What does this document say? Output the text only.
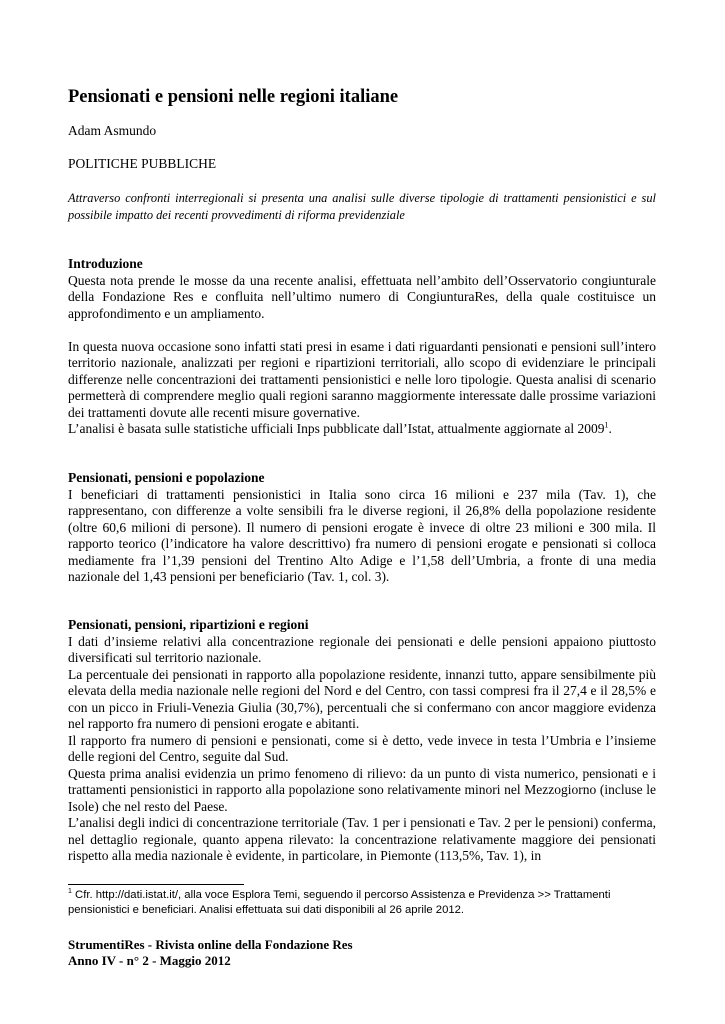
Pensionati e pensioni nelle regioni italiane
Adam Asmundo
POLITICHE PUBBLICHE
Attraverso confronti interregionali si presenta una analisi sulle diverse tipologie di trattamenti pensionistici e sul possibile impatto dei recenti provvedimenti di riforma previdenziale
Introduzione

Questa nota prende le mosse da una recente analisi, effettuata nell’ambito dell’Osservatorio congiunturale della Fondazione Res e confluita nell’ultimo numero di CongiunturaRes, della quale costituisce un approfondimento e un ampliamento.

In questa nuova occasione sono infatti stati presi in esame i dati riguardanti pensionati e pensioni sull’intero territorio nazionale, analizzati per regioni e ripartizioni territoriali, allo scopo di evidenziare le principali differenze nelle concentrazioni dei trattamenti pensionistici e nelle loro tipologie. Questa analisi di scenario permetterà di comprendere meglio quali regioni saranno maggiormente interessate dalle prossime variazioni dei trattamenti dovute alle recenti misure governative.

L’analisi è basata sulle statistiche ufficiali Inps pubblicate dall’Istat, attualmente aggiornate al 2009$^1$.

Pensionati, pensioni e popolazione

I beneficiari di trattamenti pensionistici in Italia sono circa 16 milioni e 237 mila (Tav. 1), che rappresentano, con differenze a volte sensibili fra le diverse regioni, il 26,8% della popolazione residente (oltre 60,6 milioni di persone). Il numero di pensioni erogate è invece di oltre 23 milioni e 300 mila. Il rapporto teorico (l’indicatore ha valore descrittivo) fra numero di pensioni erogate e pensionati si colloca mediamente fra l’1,39 pensioni del Trentino Alto Adige e l’1,58 dell’Umbria, a fronte di una media nazionale del 1,43 pensioni per beneficiario (Tav. 1, col. 3).

Pensionati, pensioni, ripartizioni e regioni

I dati d’insieme relativi alla concentrazione regionale dei pensionati e delle pensioni appaiono piuttosto diversificati sul territorio nazionale.

La percentuale dei pensionati in rapporto alla popolazione residente, innanzi tutto, appare sensibilmente più elevata della media nazionale nelle regioni del Nord e del Centro, con tassi compresi fra il 27,4 e il 28,5% e con un picco in Friuli-Venezia Giulia (30,7%), percentuali che si confermano con ancor maggiore evidenza nel rapporto fra numero di pensioni erogate e abitanti.

Il rapporto fra numero di pensioni e pensionati, come si è detto, vede invece in testa l’Umbria e l’insieme delle regioni del Centro, seguite dal Sud.

Questa prima analisi evidenzia un primo fenomeno di rilievo: da un punto di vista numerico, pensionati e i trattamenti pensionistici in rapporto alla popolazione sono relativamente minori nel Mezzogiorno (incluse le Isole) che nel resto del Paese.

L’analisi degli indici di concentrazione territoriale (Tav. 1 per i pensionati e Tav. 2 per le pensioni) conferma, nel dettaglio regionale, quanto appena rilevato: la concentrazione relativamente maggiore dei pensionati rispetto alla media nazionale è evidente, in particolare, in Piemonte (113,5%, Tav. 1), in

$^1$ Cfr. http://dati.istat.it/, alla voce Esplora Temi, seguendo il percorso Assistenza e Previdenza >> Trattamenti pensionistici e beneficiari. Analisi effettuata sui dati disponibili al 26 aprile 2012.
StrumentiRes - Rivista online della Fondazione Res
Anno IV - n° 2 - Maggio 2012
